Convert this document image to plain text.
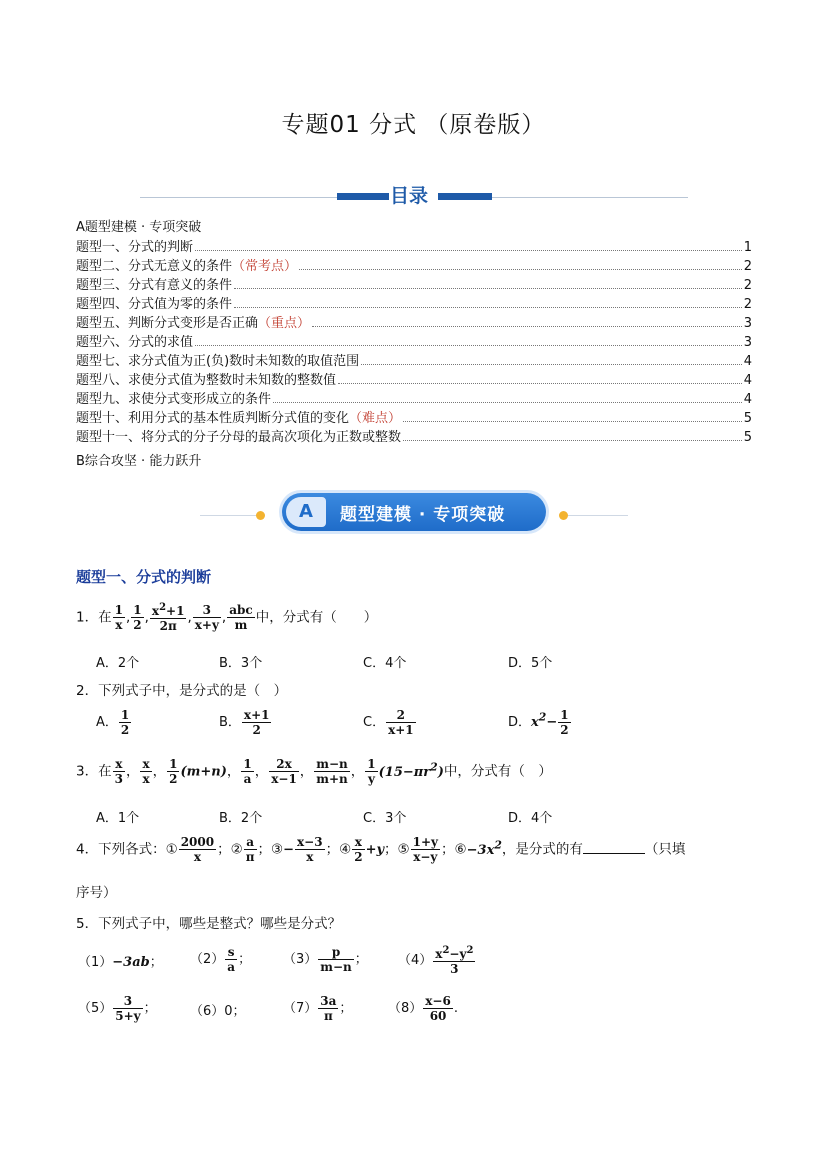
专题01 分式 （原卷版）
目录
A题型建模 · 专项突破
题型一、分式的判断	1
题型二、分式无意义的条件 （常考点）	2
题型三、分式有意义的条件	2
题型四、分式值为零的条件	2
题型五、判断分式变形是否正确 （重点）	3
题型六、分式的求值	3
题型七、求分式值为正(负)数时未知数的取值范围	4
题型八、求使分式值为整数时未知数的整数值	4
题型九、求使分式变形成立的条件	4
题型十、利用分式的基本性质判断分式值的变化 （难点）	5
题型十一、将分式的分子分母的最高次项化为正数或整数	5
B综合攻坚 · 能力跃升
A	题型建模 · 专项突破
题型一、分式的判断
1．在 $\frac{1}{x}$ , $\frac{1}{2}$ , $\frac{x^2+1}{2\pi}$ , $\frac{3}{x+y}$ , $\frac{\text{abc}}{m}$ 中，分式有（　　）
A．2个	B．3个	C．4个	D．5个
2．下列式子中，是分式的是（　）
A． $\frac{1}{2}$	B． $\frac{x+1}{2}$	C． $\frac{2}{x+1}$	D．$x^2- \frac{1}{2}$
3．在 $\frac{x}{3}$ ， $\frac{x}{x}$ ， $\frac{1}{2} (m+n)$， $\frac{1}{a}$ ， $\frac{2x}{x-1}$ ， $\frac{m-n}{m+n}$ ， $\frac{1}{y} (15-\pi r^2)$中，分式有（　）
A．1个	B．2个	C．3个	D．4个
4．下列各式：① $\frac{2000}{x}$ ；② $\frac{a}{\pi}$ ；③− $\frac{x-3}{x}$ ；④ $\frac{x}{2} +y$；⑤ $\frac{1+y}{x-y}$ ；$⑥-3x^2$，是分式的有	（只填
序号）
5．下列式子中，哪些是整式？哪些是分式？
（1）−3ab； $(2) \frac{s}{a}$ ； $(3) \frac{p}{m-n}$ ； $(4) \frac{x^2-y^2}{3}$
$(5) \frac{3}{5+y}$ ；	（6）0；	$(7) \frac{3a}{\pi}$ ；	$(8) \frac{x-6}{60}$ .
